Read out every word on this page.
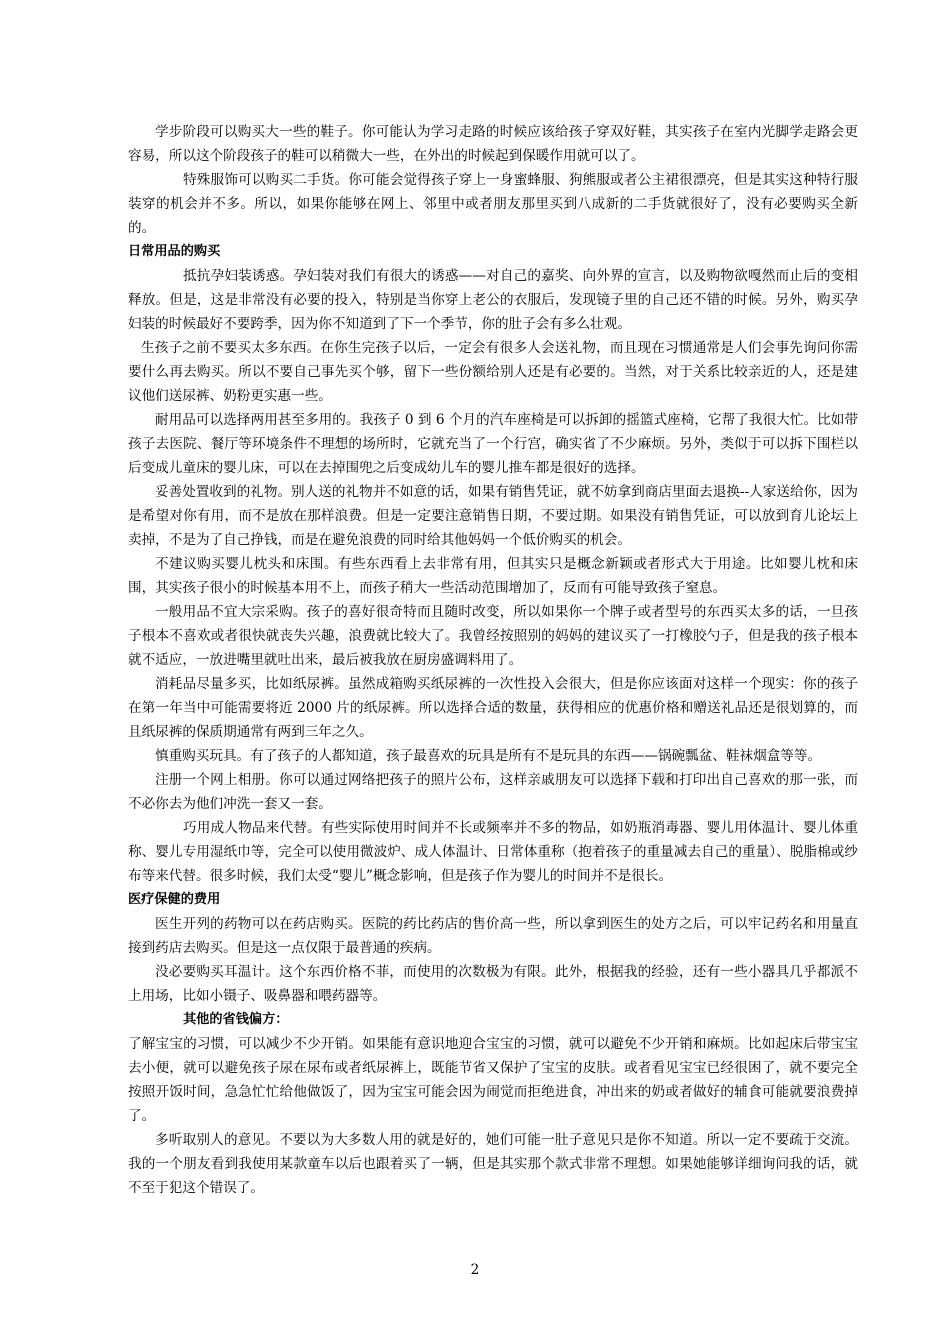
学步阶段可以购买大一些的鞋子。你可能认为学习走路的时候应该给孩子穿双好鞋，其实孩子在室内光脚学走路会更容易，所以这个阶段孩子的鞋可以稍微大一些，在外出的时候起到保暖作用就可以了。

特殊服饰可以购买二手货。你可能会觉得孩子穿上一身蜜蜂服、狗熊服或者公主裙很漂亮，但是其实这种特行服装穿的机会并不多。所以，如果你能够在网上、邻里中或者朋友那里买到八成新的二手货就很好了，没有必要购买全新的。

日常用品的购买

抵抗孕妇装诱惑。孕妇装对我们有很大的诱惑——对自己的嘉奖、向外界的宣言，以及购物欲嘎然而止后的变相释放。但是，这是非常没有必要的投入，特别是当你穿上老公的衣服后，发现镜子里的自己还不错的时候。另外，购买孕妇装的时候最好不要跨季，因为你不知道到了下一个季节，你的肚子会有多么壮观。

生孩子之前不要买太多东西。在你生完孩子以后，一定会有很多人会送礼物，而且现在习惯通常是人们会事先询问你需要什么再去购买。所以不要自己事先买个够，留下一些份额给别人还是有必要的。当然，对于关系比较亲近的人，还是建议他们送尿裤、奶粉更实惠一些。

耐用品可以选择两用甚至多用的。我孩子 0 到 6 个月的汽车座椅是可以拆卸的摇篮式座椅，它帮了我很大忙。比如带孩子去医院、餐厅等环境条件不理想的场所时，它就充当了一个行宫，确实省了不少麻烦。另外，类似于可以拆下围栏以后变成儿童床的婴儿床，可以在去掉围兜之后变成幼儿车的婴儿推车都是很好的选择。

妥善处置收到的礼物。别人送的礼物并不如意的话，如果有销售凭证，就不妨拿到商店里面去退换--人家送给你，因为是希望对你有用，而不是放在那样浪费。但是一定要注意销售日期，不要过期。如果没有销售凭证，可以放到育儿论坛上卖掉，不是为了自己挣钱，而是在避免浪费的同时给其他妈妈一个低价购买的机会。

不建议购买婴儿枕头和床围。有些东西看上去非常有用，但其实只是概念新颖或者形式大于用途。比如婴儿枕和床围，其实孩子很小的时候基本用不上，而孩子稍大一些活动范围增加了，反而有可能导致孩子窒息。

一般用品不宜大宗采购。孩子的喜好很奇特而且随时改变，所以如果你一个牌子或者型号的东西买太多的话，一旦孩子根本不喜欢或者很快就丧失兴趣，浪费就比较大了。我曾经按照别的妈妈的建议买了一打橡胶勺子，但是我的孩子根本就不适应，一放进嘴里就吐出来，最后被我放在厨房盛调料用了。

消耗品尽量多买，比如纸尿裤。虽然成箱购买纸尿裤的一次性投入会很大，但是你应该面对这样一个现实：你的孩子在第一年当中可能需要将近 2000 片的纸尿裤。所以选择合适的数量，获得相应的优惠价格和赠送礼品还是很划算的，而且纸尿裤的保质期通常有两到三年之久。

慎重购买玩具。有了孩子的人都知道，孩子最喜欢的玩具是所有不是玩具的东西——锅碗瓢盆、鞋袜烟盒等等。

注册一个网上相册。你可以通过网络把孩子的照片公布，这样亲戚朋友可以选择下载和打印出自己喜欢的那一张，而不必你去为他们冲洗一套又一套。

巧用成人物品来代替。有些实际使用时间并不长或频率并不多的物品，如奶瓶消毒器、婴儿用体温计、婴儿体重称、婴儿专用湿纸巾等，完全可以使用微波炉、成人体温计、日常体重称（抱着孩子的重量减去自己的重量）、脱脂棉或纱布等来代替。很多时候，我们太受“婴儿”概念影响，但是孩子作为婴儿的时间并不是很长。

医疗保健的费用

医生开列的药物可以在药店购买。医院的药比药店的售价高一些，所以拿到医生的处方之后，可以牢记药名和用量直接到药店去购买。但是这一点仅限于最普通的疾病。

没必要购买耳温计。这个东西价格不菲，而使用的次数极为有限。此外，根据我的经验，还有一些小器具几乎都派不上用场，比如小镊子、吸鼻器和喂药器等。

其他的省钱偏方：

了解宝宝的习惯，可以减少不少开销。如果能有意识地迎合宝宝的习惯，就可以避免不少开销和麻烦。比如起床后带宝宝去小便，就可以避免孩子尿在尿布或者纸尿裤上，既能节省又保护了宝宝的皮肤。或者看见宝宝已经很困了，就不要完全按照开饭时间，急急忙忙给他做饭了，因为宝宝可能会因为闹觉而拒绝进食，冲出来的奶或者做好的辅食可能就要浪费掉了。

多听取别人的意见。不要以为大多数人用的就是好的，她们可能一肚子意见只是你不知道。所以一定不要疏于交流。我的一个朋友看到我使用某款童车以后也跟着买了一辆，但是其实那个款式非常不理想。如果她能够详细询问我的话，就不至于犯这个错误了。

2
